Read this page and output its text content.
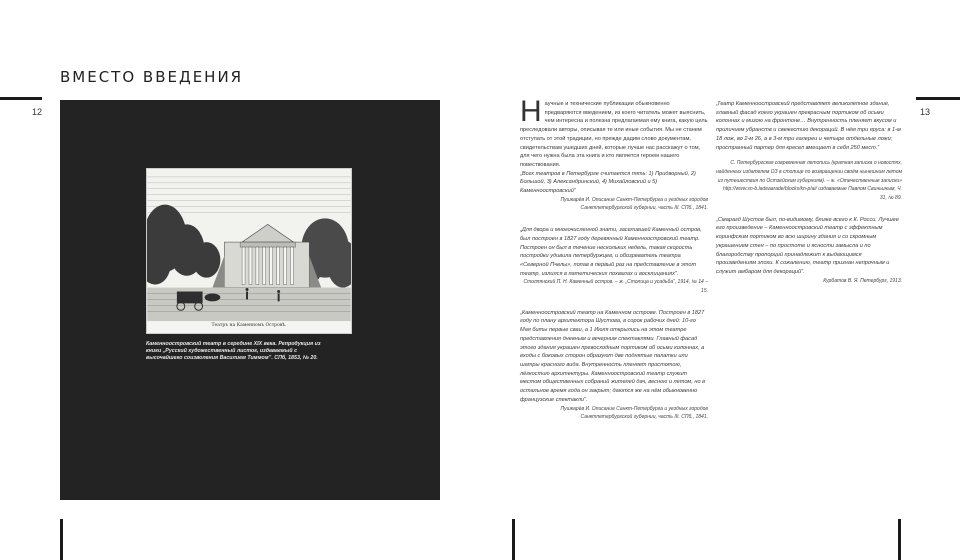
ВМЕСТО ВВЕДЕНИЯ
12	13
Театръ на Каменномъ Островѣ.
Каменноостровский театр в середине XIX века. Репродукция из книги „Русский художественный листок, издаваемый с высочайшего соизволения Василием Тиммом”. СПб, 1853, № 20.

Научные и технические публикации обыкновенно предваряются введением, из коего читатель может выяснить, чем интересна и полезна предлагаемая ему книга, какую цель преследовали авторы, описывая те или иные события. Мы не станем отступать от этой традиции, но прежде дадим слово документам, свидетельствам ушедших дней, которые лучше нас расскажут о том, для чего нужна была эта книга и кто является героем нашего повествования.

„Всех театров в Петербурге считается пять: 1) Придворный, 2) Большой, 3) Александринский, 4) Михайловский и 5) Каменноостровский”

Пушкарёв И. Описание Санкт-Петербурга и уездных городов Санктпетербургской губернии, часть III. СПб., 1841.

„Для двора и многочисленной знати, заселившей Каменный остров, был построен в 1827 году деревянный Каменноостровский театр. Построен он был в течение нескольких недель, такая скорость постройки удивила петербуржцев, и обозреватель театра «Северной Пчелы», попав в первый раз на представление в этот театр, излился в патетических похвалах и восклицаниях”.

Столпянский П. Н. Каменный остров. – ж. „Столица и усадьба”, 1914, № 14 – 15.

„Каменноостровский театр на Каменном острове. Построен в 1827 году по плану архитектора Шустова, в сорок рабочих дней: 10-го Мая биты первые сваи, а 1 Июля открылись на этом театре представления дневным и вечерним спектаклями. Главный фасад этого здания украшен превосходным портиком об осьми колоннах, а входы с боковых сторон образуют две поднятые палатки или шатры красного вида. Внутренность пленяет простотою, лёгкостию архитектуры. Каменноостровский театр служит местом общественных собраний жителей дач, весною и летом, но в остальное время года он закрыт; даются же на нём обыкновенно французские спектакли”.

Пушкарёв И. Описание Санкт-Петербурга и уездных городов Санктпетербургской губернии, часть III. СПб., 1841.

„Театр Каменноостровский представляет великолепное здание, главный фасад коего украшен прекрасным портиком об осьми колоннах и мизою на фронтоне… Внутренность пленяет вкусом и приличием убранств и свежестию декораций. В нём три яруса: в 1-м 18 лож, во 2-м 26, а в 3-м три галереи и четыре отдельные ложи; пространный партер для кресел вмещает в себя 250 мест.”

С. Петербургская современная летопись (краткая записка о новостях, найденных издателем ОЗ в столице по возвращении своём нынешним летом из путешествия по Остзейским губерниям). – ж. «Отечественные записки» http://www.sn-b.ladeaarade/blocks/kn-p/ai/ издаваемые Павлом Свиньиным, Ч. 31, № 89.

„Смарагд Шустов был, по-видимому, ближе всего к К. Росси. Лучшее его произведение – Каменноостровский театр с эффектным коринфским портиком во всю ширину здания и со скромным украшением стен – по простоте и ясности замысла и по благородству пропорций принадлежит к выдающимся произведениям эпохи. К сожалению, театр признан непрочным и служит амбаром для декораций”.

Курбатов В. Я. Петербург, 1913.
